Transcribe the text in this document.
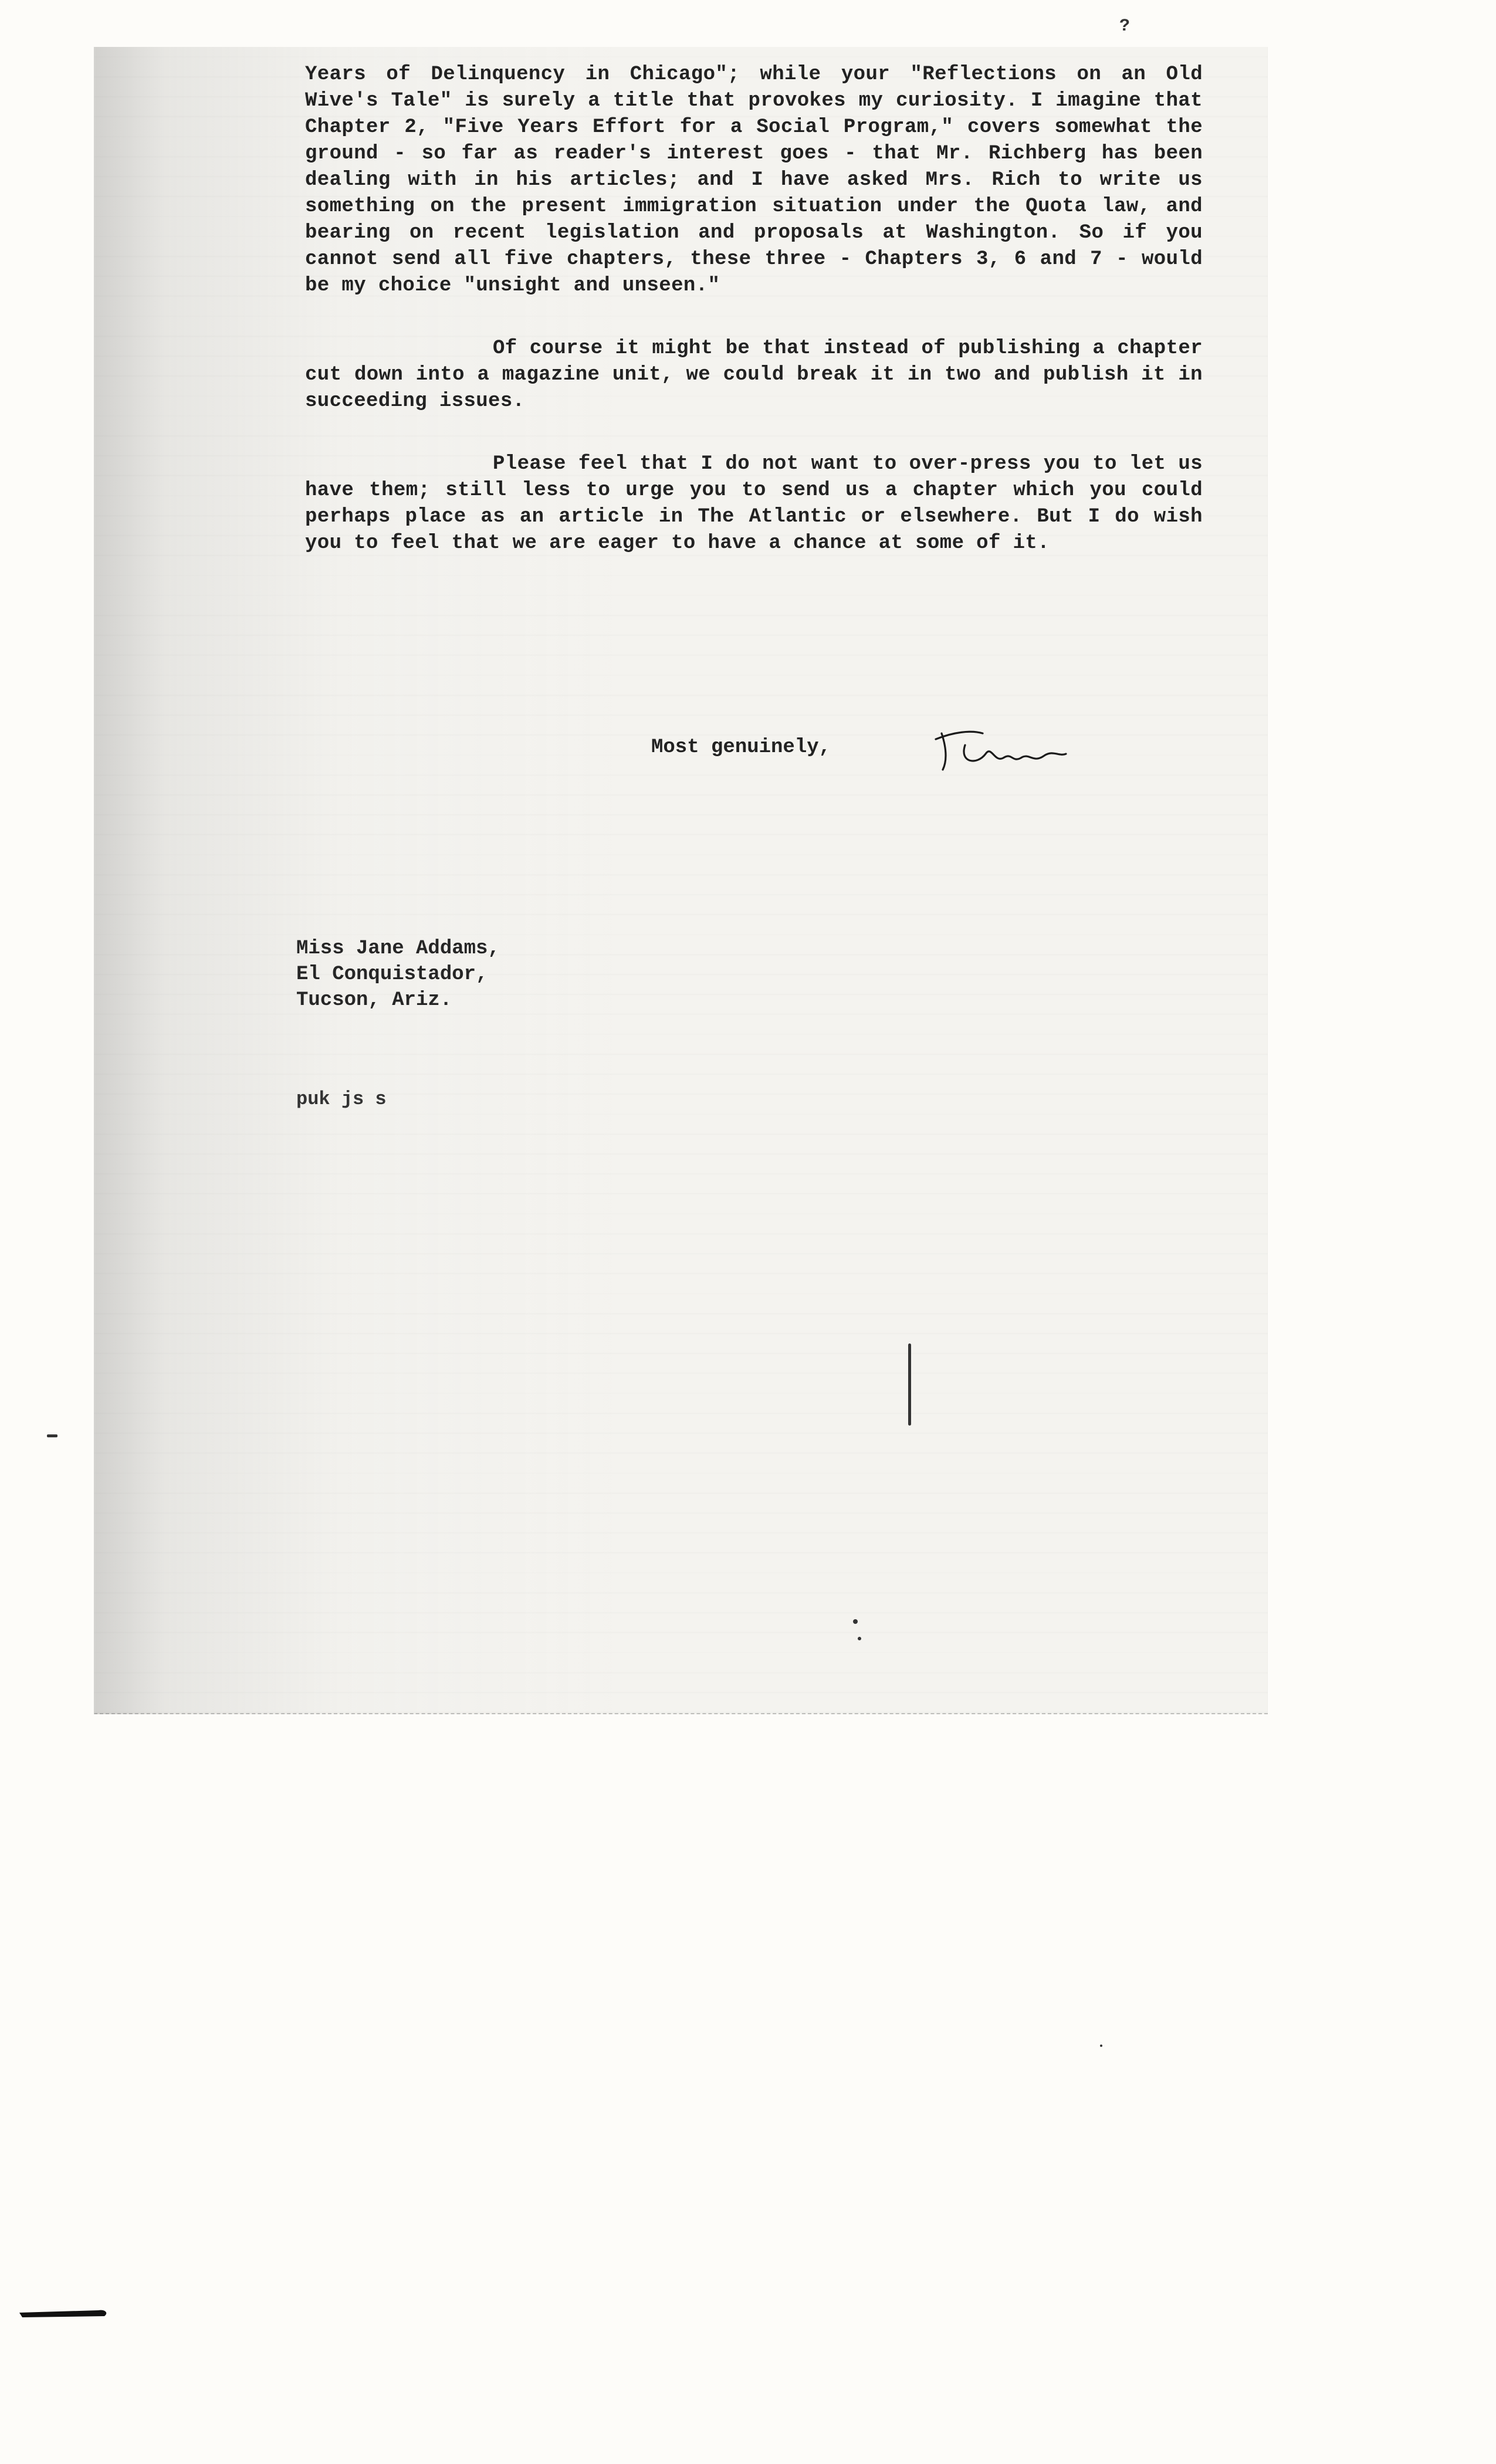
?

Years of Delinquency in Chicago"; while your "Reflections on an Old Wive's Tale" is surely a title that provokes my curiosity. I imagine that Chapter 2, "Five Years Effort for a Social Program," covers somewhat the ground - so far as reader's interest goes - that Mr. Richberg has been dealing with in his articles; and I have asked Mrs. Rich to write us something on the present immigration situation under the Quota law, and bearing on recent legislation and proposals at Washington. So if you cannot send all five chapters, these three - Chapters 3, 6 and 7 - would be my choice "unsight and unseen."

Of course it might be that instead of publishing a chapter cut down into a magazine unit, we could break it in two and publish it in succeeding issues.

Please feel that I do not want to over-press you to let us have them; still less to urge you to send us a chapter which you could perhaps place as an article in The Atlantic or elsewhere. But I do wish you to feel that we are eager to have a chance at some of it.

Most genuinely,
Miss Jane Addams,
El Conquistador,
Tucson, Ariz.
puk js s
